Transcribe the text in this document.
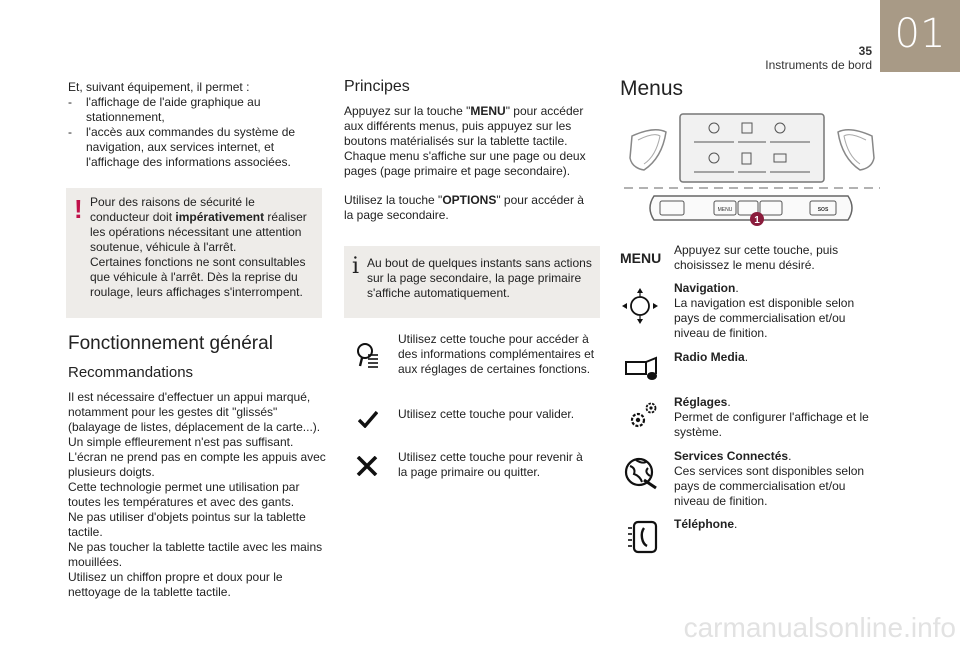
35
Instruments de bord
01

Et, suivant équipement, il permet :

- l'affichage de l'aide graphique au stationnement,
- l'accès aux commandes du système de navigation, aux services internet, et l'affichage des informations associées.
! Pour des raisons de sécurité le conducteur doit impérativement réaliser les opérations nécessitant une attention soutenue, véhicule à l'arrêt.

Certaines fonctions ne sont consultables que véhicule à l'arrêt. Dès la reprise du roulage, leurs affichages s'interrompent.

Fonctionnement général
Recommandations

Il est nécessaire d'effectuer un appui marqué, notamment pour les gestes dit "glissés" (balayage de listes, déplacement de la carte...).

Un simple effleurement n'est pas suffisant.

L'écran ne prend pas en compte les appuis avec plusieurs doigts.

Cette technologie permet une utilisation par toutes les températures et avec des gants.

Ne pas utiliser d'objets pointus sur la tablette tactile.

Ne pas toucher la tablette tactile avec les mains mouillées.

Utilisez un chiffon propre et doux pour le nettoyage de la tablette tactile.

Principes

Appuyez sur la touche "MENU" pour accéder aux différents menus, puis appuyez sur les boutons matérialisés sur la tablette tactile.

Chaque menu s'affiche sur une page ou deux pages (page primaire et page secondaire).

Utilisez la touche "OPTIONS" pour accéder à la page secondaire.

i Au bout de quelques instants sans actions sur la page secondaire, la page primaire s'affiche automatiquement.
Utilisez cette touche pour accéder à des informations complémentaires et aux réglages de certaines fonctions.
Utilisez cette touche pour valider.
Utilisez cette touche pour revenir à la page primaire ou quitter.
Menus
MENU	SOS
1
MENU Appuyez sur cette touche, puis choisissez le menu désiré.
Navigation.
La navigation est disponible selon pays de commercialisation et/ou niveau de finition.
Radio Media.
Réglages.
Permet de configurer l'affichage et le système.
Services Connectés.
Ces services sont disponibles selon pays de commercialisation et/ou niveau de finition.
Téléphone.
carmanualsonline.info
